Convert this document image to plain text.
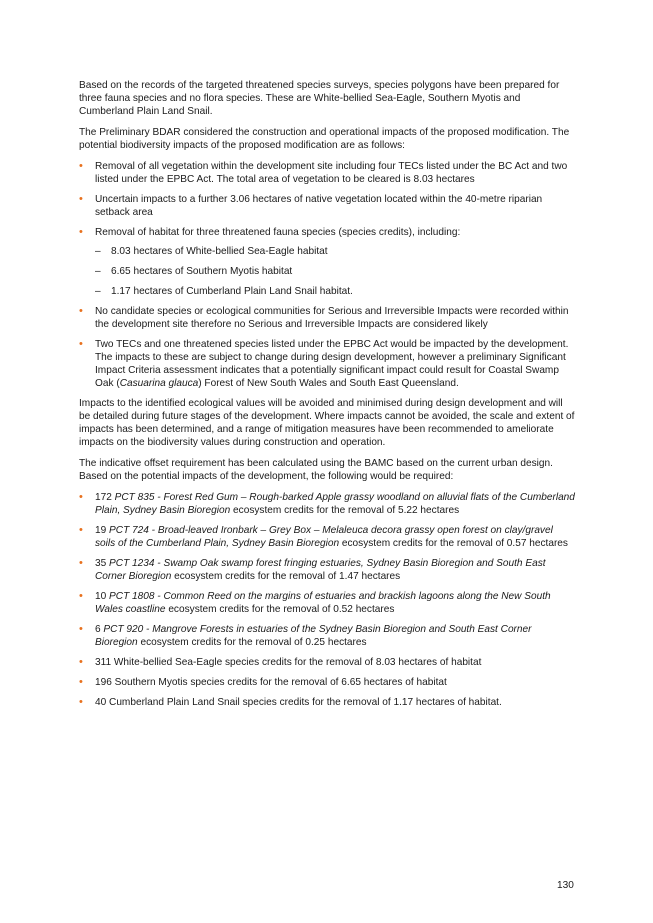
Based on the records of the targeted threatened species surveys, species polygons have been prepared for three fauna species and no flora species. These are White-bellied Sea-Eagle, Southern Myotis and Cumberland Plain Land Snail.

The Preliminary BDAR considered the construction and operational impacts of the proposed modification. The potential biodiversity impacts of the proposed modification are as follows:

• Removal of all vegetation within the development site including four TECs listed under the BC Act and two listed under the EPBC Act. The total area of vegetation to be cleared is 8.03 hectares
• Uncertain impacts to a further 3.06 hectares of native vegetation located within the 40-metre riparian setback area
• Removal of habitat for three threatened fauna species (species credits), including:
– 8.03 hectares of White-bellied Sea-Eagle habitat
– 6.65 hectares of Southern Myotis habitat
– 1.17 hectares of Cumberland Plain Land Snail habitat.
• No candidate species or ecological communities for Serious and Irreversible Impacts were recorded within the development site therefore no Serious and Irreversible Impacts are considered likely
• Two TECs and one threatened species listed under the EPBC Act would be impacted by the development. The impacts to these are subject to change during design development, however a preliminary Significant Impact Criteria assessment indicates that a potentially significant impact could result for Coastal Swamp Oak (Casuarina glauca) Forest of New South Wales and South East Queensland.

Impacts to the identified ecological values will be avoided and minimised during design development and will be detailed during future stages of the development. Where impacts cannot be avoided, the scale and extent of impacts has been determined, and a range of mitigation measures have been recommended to ameliorate impacts on the biodiversity values during construction and operation.

The indicative offset requirement has been calculated using the BAMC based on the current urban design. Based on the potential impacts of the development, the following would be required:

• 172 PCT 835 - Forest Red Gum – Rough-barked Apple grassy woodland on alluvial flats of the Cumberland Plain, Sydney Basin Bioregion ecosystem credits for the removal of 5.22 hectares
• 19 PCT 724 - Broad-leaved Ironbark – Grey Box – Melaleuca decora grassy open forest on clay/gravel soils of the Cumberland Plain, Sydney Basin Bioregion ecosystem credits for the removal of 0.57 hectares
• 35 PCT 1234 - Swamp Oak swamp forest fringing estuaries, Sydney Basin Bioregion and South East Corner Bioregion ecosystem credits for the removal of 1.47 hectares
• 10 PCT 1808 - Common Reed on the margins of estuaries and brackish lagoons along the New South Wales coastline ecosystem credits for the removal of 0.52 hectares
• 6 PCT 920 - Mangrove Forests in estuaries of the Sydney Basin Bioregion and South East Corner Bioregion ecosystem credits for the removal of 0.25 hectares
• 311 White-bellied Sea-Eagle species credits for the removal of 8.03 hectares of habitat
• 196 Southern Myotis species credits for the removal of 6.65 hectares of habitat
• 40 Cumberland Plain Land Snail species credits for the removal of 1.17 hectares of habitat.
130
